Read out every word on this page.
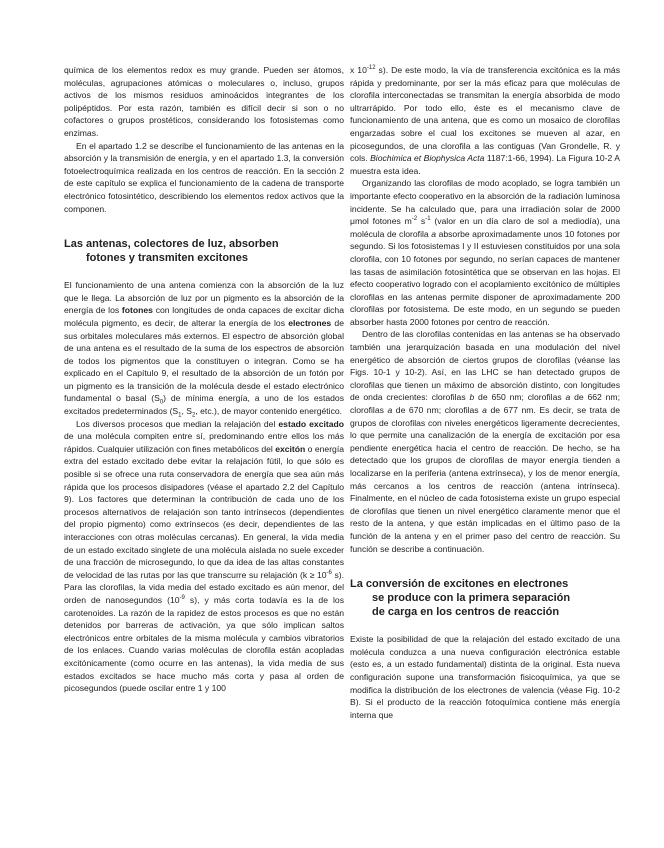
química de los elementos redox es muy grande. Pueden ser átomos, moléculas, agrupaciones atómicas o moleculares o, incluso, grupos activos de los mismos residuos aminoácidos integrantes de los polipéptidos. Por esta razón, también es difícil decir si son o no cofactores o grupos prostéticos, considerando los fotosistemas como enzimas.

En el apartado 1.2 se describe el funcionamiento de las antenas en la absorción y la transmisión de energía, y en el apartado 1.3, la conversión fotoelectroquímica realizada en los centros de reacción. En la sección 2 de este capítulo se explica el funcionamiento de la cadena de transporte electrónico fotosintético, describiendo los elementos redox activos que la componen.

Las antenas, colectores de luz, absorben
fotones y transmiten excitones

El funcionamiento de una antena comienza con la absorción de la luz que le llega. La absorción de luz por un pigmento es la absorción de la energía de los fotones con longitudes de onda capaces de excitar dicha molécula pigmento, es decir, de alterar la energía de los electrones de sus orbitales moleculares más externos. El espectro de absorción global de una antena es el resultado de la suma de los espectros de absorción de todos los pigmentos que la constituyen o integran. Como se ha explicado en el Capítulo 9, el resultado de la absorción de un fotón por un pigmento es la transición de la molécula desde el estado electrónico fundamental o basal $(S_0)$ de mínima energía, a uno de los estados excitados predeterminados ($S_1$, $S_2$, etc.), de mayor contenido energético.

Los diversos procesos que median la relajación del estado excitado de una molécula compiten entre sí, predominando entre ellos los más rápidos. Cualquier utilización con fines metabólicos del excitón o energía extra del estado excitado debe evitar la relajación fútil, lo que sólo es posible si se ofrece una ruta conservadora de energía que sea aún más rápida que los procesos disipadores (véase el apartado 2.2 del Capítulo 9). Los factores que determinan la contribución de cada uno de los procesos alternativos de relajación son tanto intrínsecos (dependientes del propio pigmento) como extrínsecos (es decir, dependientes de las interacciones con otras moléculas cercanas). En general, la vida media de un estado excitado singlete de una molécula aislada no suele exceder de una fracción de microsegundo, lo que da idea de las altas constantes de velocidad de las rutas por las que transcurre su relajación ($k \ge 10^{-6}$ s). Para las clorofilas, la vida media del estado excitado es aún menor, del orden de nanosegundos ($10^{-9}$ s), y más corta todavía es la de los carotenoides. La razón de la rapidez de estos procesos es que no están detenidos por barreras de activación, ya que sólo implican saltos electrónicos entre orbitales de la misma molécula y cambios vibratorios de los enlaces. Cuando varias moléculas de clorofila están acopladas excitónicamente (como ocurre en las antenas), la vida media de sus estados excitados se hace mucho más corta y pasa al orden de picosegundos (puede oscilar entre 1 y 100

x $10^{-12}$ s). De este modo, la vía de transferencia excitónica es la más rápida y predominante, por ser la más eficaz para que moléculas de clorofila interconectadas se transmitan la energía absorbida de modo ultrarrápido. Por todo ello, éste es el mecanismo clave de funcionamiento de una antena, que es como un mosaico de clorofilas engarzadas sobre el cual los excitones se mueven al azar, en picosegundos, de una clorofila a las contiguas (Van Grondelle, R. y cols. Biochimica et Biophysica Acta 1187:1-66, 1994). La Figura 10-2 A muestra esta idea.

Organizando las clorofilas de modo acoplado, se logra también un importante efecto cooperativo en la absorción de la radiación luminosa incidente. Se ha calculado que, para una irradiación solar de 2000 μmol fotones $m^{-2}$ $s^{-1}$ (valor en un día claro de sol a mediodía), una molécula de clorofila a absorbe aproximadamente unos 10 fotones por segundo. Si los fotosistemas I y II estuviesen constituidos por una sola clorofila, con 10 fotones por segundo, no serían capaces de mantener las tasas de asimilación fotosintética que se observan en las hojas. El efecto cooperativo logrado con el acoplamiento excitónico de múltiples clorofilas en las antenas permite disponer de aproximadamente 200 clorofilas por fotosistema. De este modo, en un segundo se pueden absorber hasta 2000 fotones por centro de reacción.

Dentro de las clorofilas contenidas en las antenas se ha observado también una jerarquización basada en una modulación del nivel energético de absorción de ciertos grupos de clorofilas (véanse las Figs. 10-1 y 10-2). Así, en las LHC se han detectado grupos de clorofilas que tienen un máximo de absorción distinto, con longitudes de onda crecientes: clorofilas b de 650 nm; clorofilas a de 662 nm; clorofilas a de 670 nm; clorofilas a de 677 nm. Es decir, se trata de grupos de clorofilas con niveles energéticos ligeramente decrecientes, lo que permite una canalización de la energía de excitación por esa pendiente energética hacia el centro de reacción. De hecho, se ha detectado que los grupos de clorofilas de mayor energía tienden a localizarse en la periferia (antena extrínseca), y los de menor energía, más cercanos a los centros de reacción (antena intrínseca). Finalmente, en el núcleo de cada fotosistema existe un grupo especial de clorofilas que tienen un nivel energético claramente menor que el resto de la antena, y que están implicadas en el último paso de la función de la antena y en el primer paso del centro de reacción. Su función se describe a continuación.

La conversión de excitones en electrones
se produce con la primera separación
de carga en los centros de reacción

Existe la posibilidad de que la relajación del estado excitado de una molécula conduzca a una nueva configuración electrónica estable (esto es, a un estado fundamental) distinta de la original. Esta nueva configuración supone una transformación fisicoquímica, ya que se modifica la distribución de los electrones de valencia (véase Fig. 10-2 B). Si el producto de la reacción fotoquímica contiene más energía interna que
